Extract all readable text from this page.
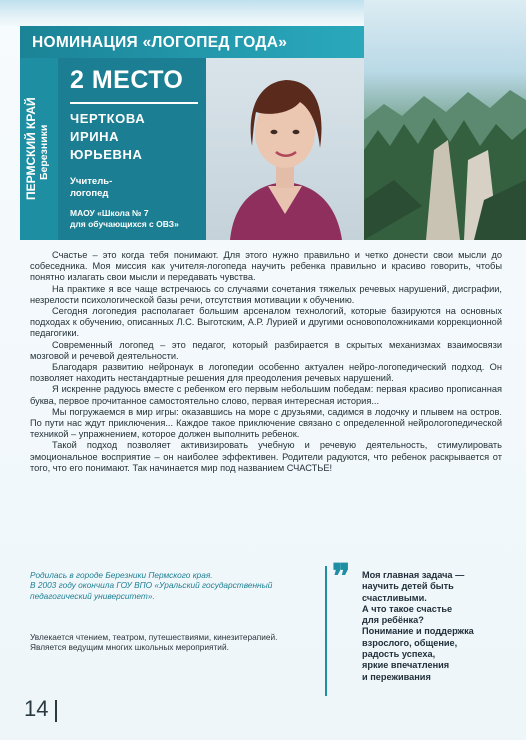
НОМИНАЦИЯ «ЛОГОПЕД ГОДА»
ПЕРМСКИЙ КРАЙ Березники
2 МЕСТО
ЧЕРТКОВА
ИРИНА
ЮРЬЕВНА
Учитель-
логопед
МАОУ «Школа № 7
для обучающихся с ОВЗ»

Счастье – это когда тебя понимают. Для этого нужно правильно и четко донести свои мысли до собеседника. Моя миссия как учителя-логопеда научить ребенка правильно и красиво говорить, чтобы понятно излагать свои мысли и передавать чувства.

На практике я все чаще встречаюсь со случаями сочетания тяжелых речевых нарушений, дисграфии, незрелости психологической базы речи, отсутствия мотивации к обучению.

Сегодня логопедия располагает большим арсеналом технологий, которые базируются на основных подходах к обучению, описанных Л.С. Выготским, А.Р. Лурией и другими основоположниками коррекционной педагогики.

Современный логопед – это педагог, который разбирается в скрытых механизмах взаимосвязи мозговой и речевой деятельности.

Благодаря развитию нейронаук в логопедии особенно актуален нейро-логопедический подход. Он позволяет находить нестандартные решения для преодоления речевых нарушений.

Я искренне радуюсь вместе с ребенком его первым небольшим победам: первая красиво прописанная буква, первое прочитанное самостоятельно слово, первая интересная история...

Мы погружаемся в мир игры: оказавшись на море с друзьями, садимся в лодочку и плывем на остров. По пути нас ждут приключения... Каждое такое приключение связано с определенной нейрологопедической техникой – упражнением, которое должен выполнить ребенок.

Такой подход позволяет активизировать учебную и речевую деятельность, стимулировать эмоциональное восприятие – он наиболее эффективен. Родители радуются, что ребенок раскрывается от того, что его понимают. Так начинается мир под названием СЧАСТЬЕ!

Родилась в городе Березники Пермского края.
В 2003 году окончила ГОУ ВПО «Уральский государственный
педагогический университет».
Увлекается чтением, театром, путешествиями, кинезитерапией.
Является ведущим многих школьных мероприятий.
❞ Моя главная задача —
научить детей быть
счастливыми.
А что такое счастье
для ребёнка?
Понимание и поддержка
взрослого, общение,
радость успеха,
яркие впечатления
и переживания
14
